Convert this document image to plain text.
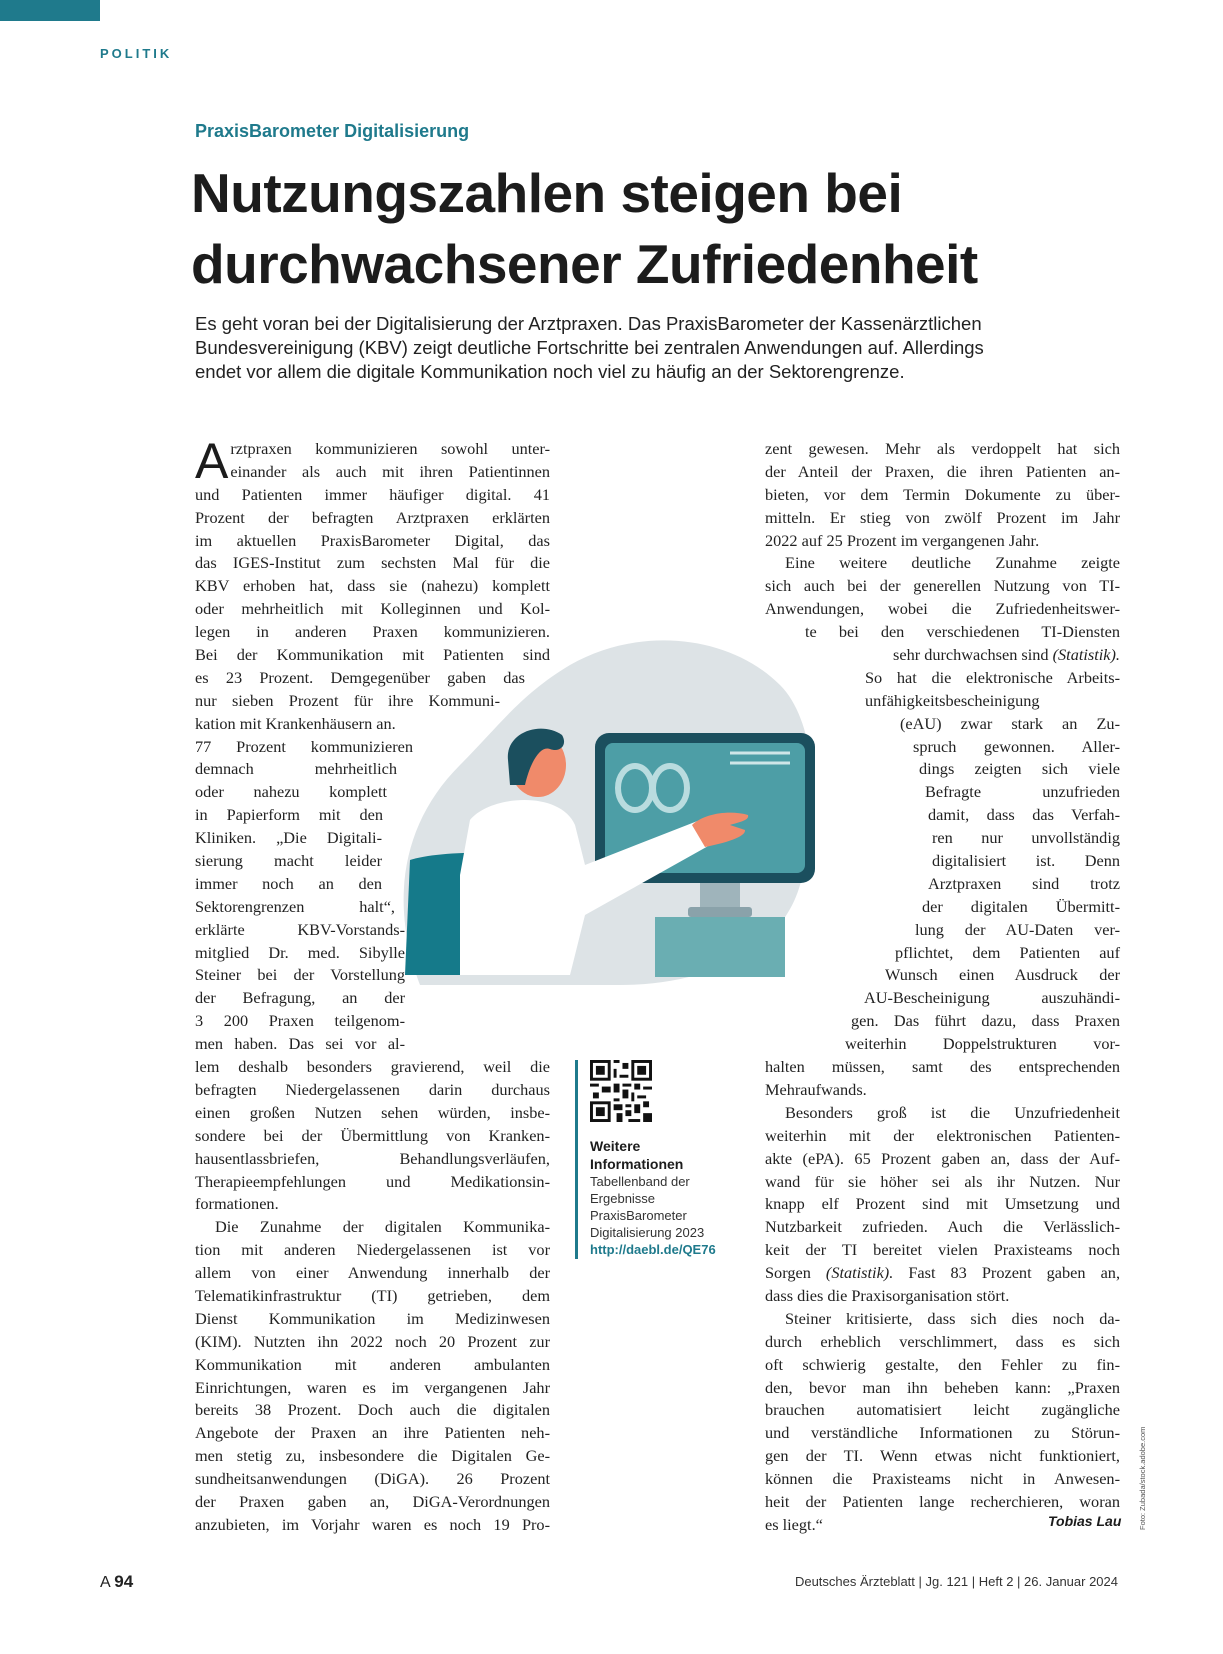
POLITIK
PraxisBarometer Digitalisierung
Nutzungszahlen steigen bei
durchwachsener Zufriedenheit

Es geht voran bei der Digitalisierung der Arztpraxen. Das PraxisBarometer der Kassenärztlichen
Bundesvereinigung (KBV) zeigt deutliche Fortschritte bei zentralen Anwendungen auf. Allerdings
endet vor allem die digitale Kommunikation noch viel zu häufig an der Sektorengrenze.

A rztpraxen kommunizieren sowohl unter-
einander als auch mit ihren Patientinnen
und Patienten immer häufiger digital. 41
Prozent der befragten Arztpraxen erklärten
im aktuellen PraxisBarometer Digital, das
das IGES-Institut zum sechsten Mal für die
KBV erhoben hat, dass sie (nahezu) komplett
oder mehrheitlich mit Kolleginnen und Kol-
legen in anderen Praxen kommunizieren.
Bei der Kommunikation mit Patienten sind
es 23 Prozent. Demgegenüber gaben das
nur sieben Prozent für ihre Kommuni-
kation mit Krankenhäusern an.
77 Prozent kommunizieren
demnach mehrheitlich
oder nahezu komplett
in Papierform mit den
Kliniken. „Die Digitali-
sierung macht leider
immer noch an den
Sektorengrenzen halt“,
erklärte KBV-Vorstands-
mitglied Dr. med. Sibylle
Steiner bei der Vorstellung
der Befragung, an der
3 200 Praxen teilgenom-
men haben. Das sei vor al-
lem deshalb besonders gravierend, weil die
befragten Niedergelassenen darin durchaus
einen großen Nutzen sehen würden, insbe-
sondere bei der Übermittlung von Kranken-
hausentlassbriefen, Behandlungsverläufen,
Therapieempfehlungen und Medikationsin-
formationen.
Die Zunahme der digitalen Kommunika-
tion mit anderen Niedergelassenen ist vor
allem von einer Anwendung innerhalb der
Telematikinfrastruktur (TI) getrieben, dem
Dienst Kommunikation im Medizinwesen
(KIM). Nutzten ihn 2022 noch 20 Prozent zur
Kommunikation mit anderen ambulanten
Einrichtungen, waren es im vergangenen Jahr
bereits 38 Prozent. Doch auch die digitalen
Angebote der Praxen an ihre Patienten neh-
men stetig zu, insbesondere die Digitalen Ge-
sundheitsanwendungen (DiGA). 26 Prozent
der Praxen gaben an, DiGA-Verordnungen
anzubieten, im Vorjahr waren es noch 19 Pro-
zent gewesen. Mehr als verdoppelt hat sich
der Anteil der Praxen, die ihren Patienten an-
bieten, vor dem Termin Dokumente zu über-
mitteln. Er stieg von zwölf Prozent im Jahr
2022 auf 25 Prozent im vergangenen Jahr.
Eine weitere deutliche Zunahme zeigte
sich auch bei der generellen Nutzung von TI-
Anwendungen, wobei die Zufriedenheitswer-
te bei den verschiedenen TI-Diensten
sehr durchwachsen sind (Statistik).
So hat die elektronische Arbeits-
unfähigkeitsbescheinigung
(eAU) zwar stark an Zu-
spruch gewonnen. Aller-
dings zeigten sich viele
Befragte unzufrieden
damit, dass das Verfah-
ren nur unvollständig
digitalisiert ist. Denn
Arztpraxen sind trotz
der digitalen Übermitt-
lung der AU-Daten ver-
pflichtet, dem Patienten auf
Wunsch einen Ausdruck der
AU-Bescheinigung auszuhändi-
gen. Das führt dazu, dass Praxen
weiterhin Doppelstrukturen vor-
halten müssen, samt des entsprechenden
Mehraufwands.
Besonders groß ist die Unzufriedenheit
weiterhin mit der elektronischen Patienten-
akte (ePA). 65 Prozent gaben an, dass der Auf-
wand für sie höher sei als ihr Nutzen. Nur
knapp elf Prozent sind mit Umsetzung und
Nutzbarkeit zufrieden. Auch die Verlässlich-
keit der TI bereitet vielen Praxisteams noch
Sorgen (Statistik). Fast 83 Prozent gaben an,
dass dies die Praxisorganisation stört.
Steiner kritisierte, dass sich dies noch da-
durch erheblich verschlimmert, dass es sich
oft schwierig gestalte, den Fehler zu fin-
den, bevor man ihn beheben kann: „Praxen
brauchen automatisiert leicht zugängliche
und verständliche Informationen zu Störun-
gen der TI. Wenn etwas nicht funktioniert,
können die Praxisteams nicht in Anwesen-
heit der Patienten lange recherchieren, woran
es liegt.“	Tobias Lau
Weitere
Informationen
Tabellenband der
Ergebnisse
PraxisBarometer
Digitalisierung 2023
http://daebl.de/QE76
Foto: Zubada/stock.adobe.com
A 94	Deutsches Ärzteblatt | Jg. 121 | Heft 2 | 26. Januar 2024
